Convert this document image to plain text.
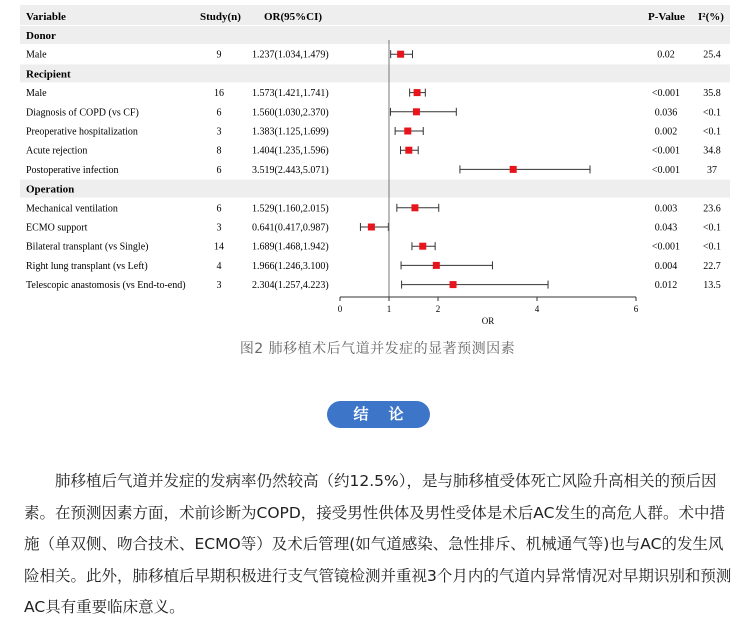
Variable	Study(n) OR(95%CI)	P-Value I²(%)
Donor
Male	9	1.237(1.034,1.479)	0.02	25.4
Recipient
Male	16	1.573(1.421,1.741)	<0.001 35.8
Diagnosis of COPD (vs CF)	6	1.560(1.030,2.370)	0.036	<0.1
Preoperative hospitalization	3	1.383(1.125,1.699)	0.002	<0.1
Acute rejection	8	1.404(1.235,1.596)	<0.001 34.8
Postoperative infection	6	3.519(2.443,5.071)	<0.001	37
Operation
Mechanical ventilation	6	1.529(1.160,2.015)	0.003	23.6
ECMO support	3	0.641(0.417,0.987)	0.043	<0.1
Bilateral transplant (vs Single)	14	1.689(1.468,1.942)	<0.001 <0.1
Right lung transplant (vs Left)	4	1.966(1.246,3.100)	0.004	22.7
Telescopic anastomosis (vs End-to-end)	3	2.304(1.257,4.223)	0.012	13.5
0	1	2	4	6
OR
图2 肺移植术后气道并发症的显著预测因素
结论

肺移植后气道并发症的发病率仍然较高（约12.5%），是与肺移植受体死亡风险升高相关的预后因素。在预测因素方面，术前诊断为COPD，接受男性供体及男性受体是术后AC发生的高危人群。术中措施（单双侧、吻合技术、ECMO等）及术后管理(如气道感染、急性排斥、机械通气等)也与AC的发生风险相关。此外，肺移植后早期积极进行支气管镜检测并重视3个月内的气道内异常情况对早期识别和预测AC具有重要临床意义。
